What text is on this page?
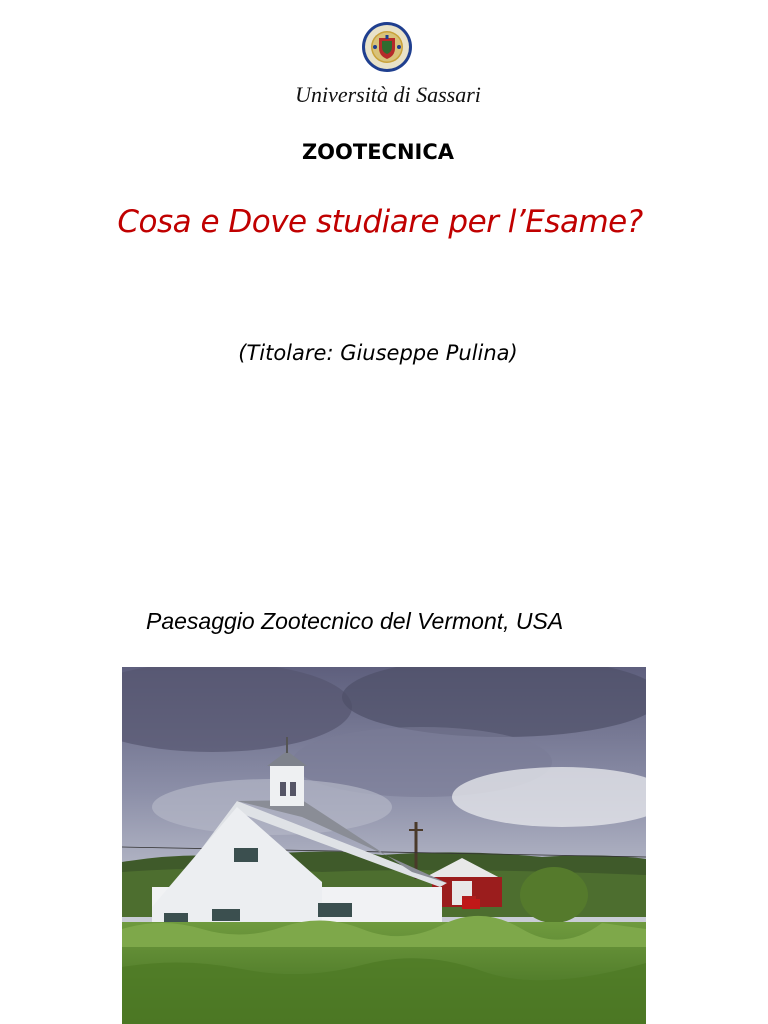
Università di Sassari
ZOOTECNICA
Cosa e Dove studiare per l’Esame?
(Titolare: Giuseppe Pulina)
Paesaggio Zootecnico del Vermont, USA
